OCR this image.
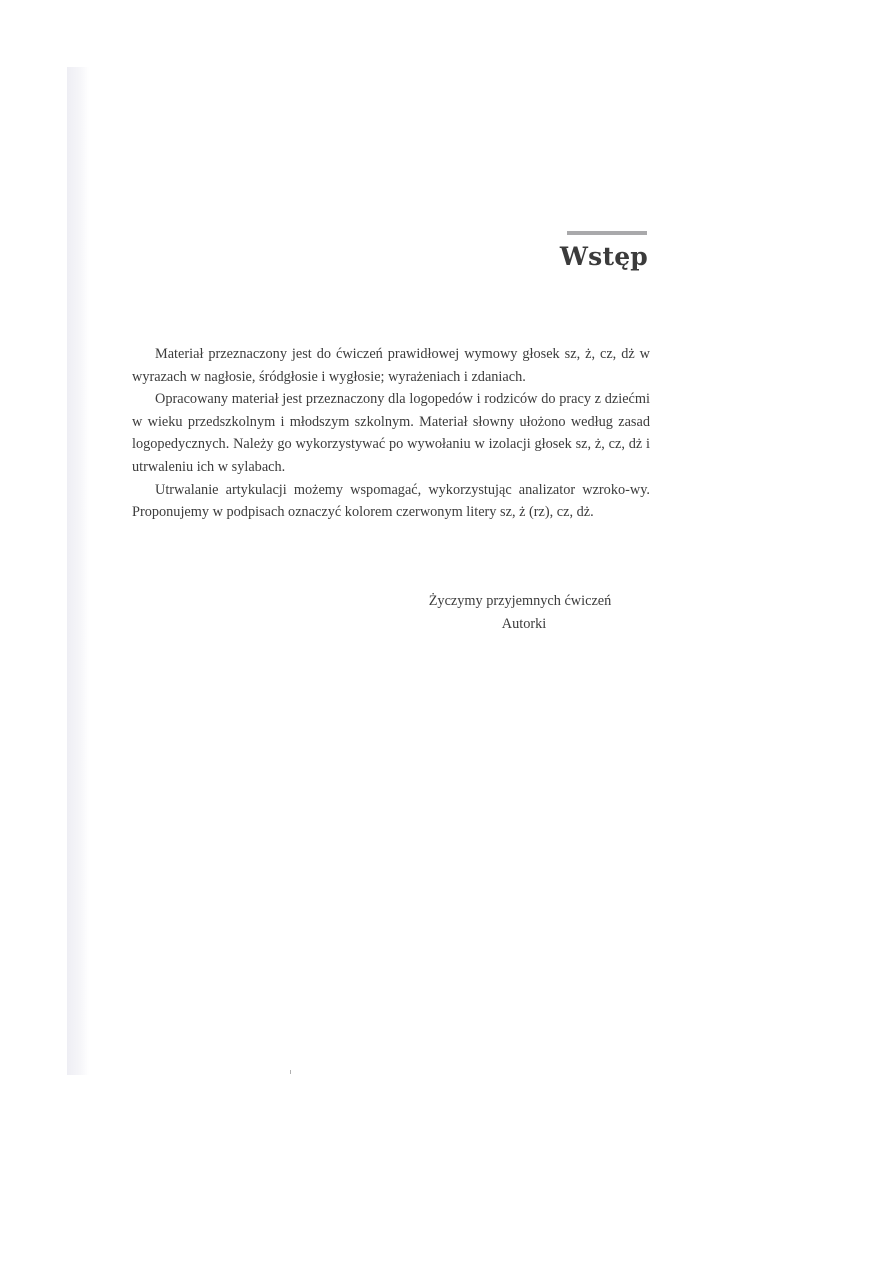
Wstęp

Materiał przeznaczony jest do ćwiczeń prawidłowej wymowy głosek sz, ż, cz, dż w wyrazach w nagłosie, śródgłosie i wygłosie; wyrażeniach i zdaniach.

Opracowany materiał jest przeznaczony dla logopedów i rodziców do pracy z dziećmi w wieku przedszkolnym i młodszym szkolnym. Materiał słowny ułożono według zasad logopedycznych. Należy go wykorzystywać po wywołaniu w izolacji głosek sz, ż, cz, dż i utrwaleniu ich w sylabach.

Utrwalanie artykulacji możemy wspomagać, wykorzystując analizator wzroko-wy. Proponujemy w podpisach oznaczyć kolorem czerwonym litery sz, ż (rz), cz, dż.

Życzymy przyjemnych ćwiczeń
Autorki
